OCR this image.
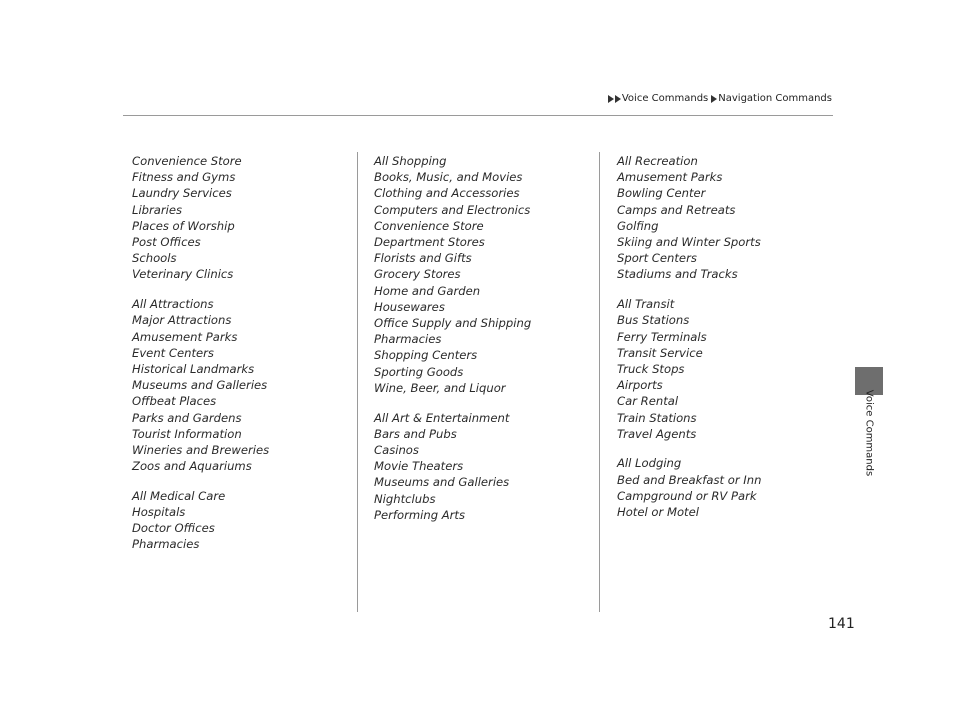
Voice Commands Navigation Commands
Voice Commands
Convenience Store
Fitness and Gyms
Laundry Services
Libraries
Places of Worship
Post Offices
Schools
Veterinary Clinics
All Attractions
Major Attractions
Amusement Parks
Event Centers
Historical Landmarks
Museums and Galleries
Offbeat Places
Parks and Gardens
Tourist Information
Wineries and Breweries
Zoos and Aquariums
All Medical Care
Hospitals
Doctor Offices
Pharmacies
All Shopping
Books, Music, and Movies
Clothing and Accessories
Computers and Electronics
Convenience Store
Department Stores
Florists and Gifts
Grocery Stores
Home and Garden
Housewares
Office Supply and Shipping
Pharmacies
Shopping Centers
Sporting Goods
Wine, Beer, and Liquor
All Art & Entertainment
Bars and Pubs
Casinos
Movie Theaters
Museums and Galleries
Nightclubs
Performing Arts
All Recreation
Amusement Parks
Bowling Center
Camps and Retreats
Golfing
Skiing and Winter Sports
Sport Centers
Stadiums and Tracks
All Transit
Bus Stations
Ferry Terminals
Transit Service
Truck Stops
Airports
Car Rental
Train Stations
Travel Agents
All Lodging
Bed and Breakfast or Inn
Campground or RV Park
Hotel or Motel
141
